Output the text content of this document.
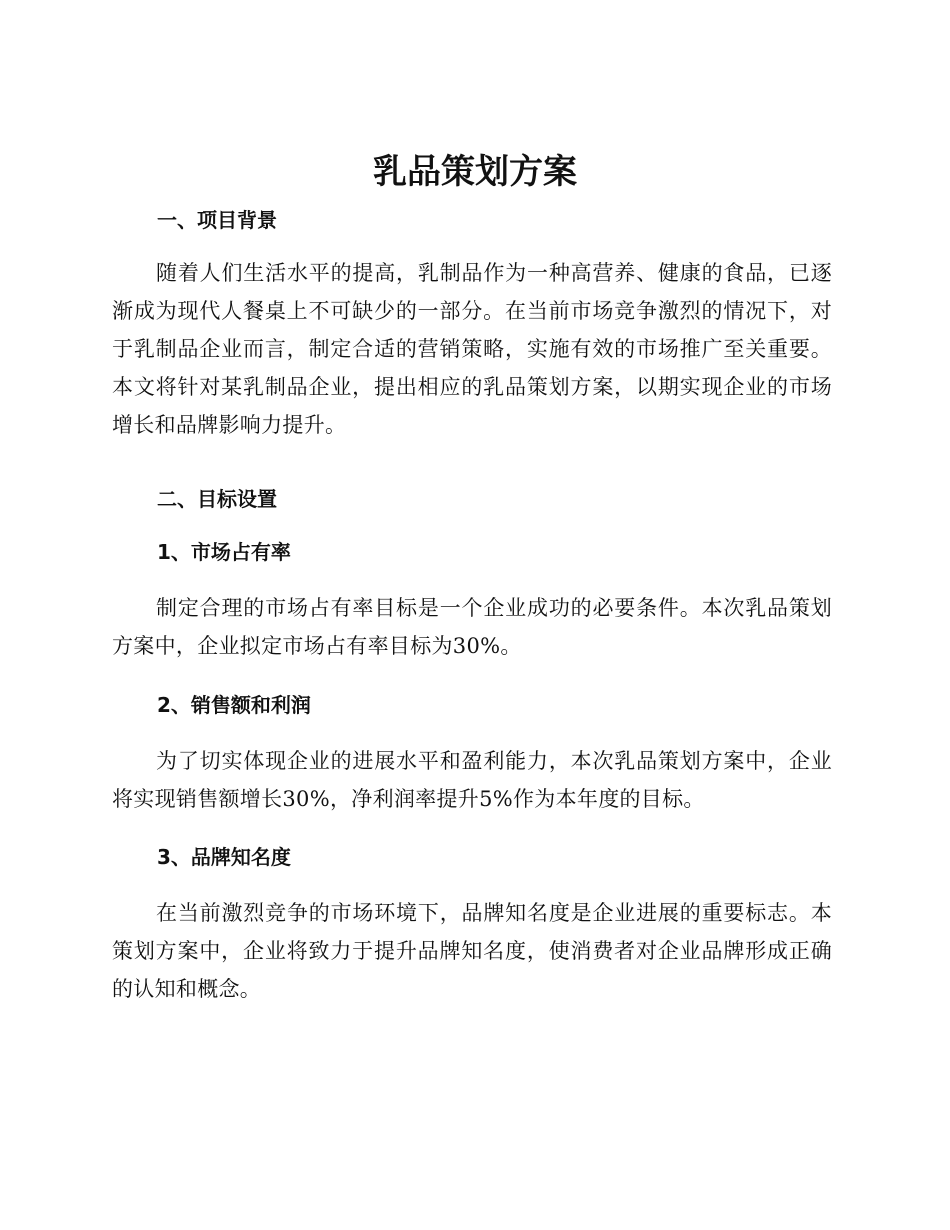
乳品策划方案
一、项目背景

随着人们生活水平的提高，乳制品作为一种高营养、健康的食品，已逐渐成为现代人餐桌上不可缺少的一部分。在当前市场竞争激烈的情况下，对于乳制品企业而言，制定合适的营销策略，实施有效的市场推广至关重要。本文将针对某乳制品企业，提出相应的乳品策划方案，以期实现企业的市场增长和品牌影响力提升。

二、目标设置
1、市场占有率

制定合理的市场占有率目标是一个企业成功的必要条件。本次乳品策划方案中，企业拟定市场占有率目标为30%。

2、销售额和利润

为了切实体现企业的进展水平和盈利能力，本次乳品策划方案中，企业将实现销售额增长30%，净利润率提升5%作为本年度的目标。

3、品牌知名度

在当前激烈竞争的市场环境下，品牌知名度是企业进展的重要标志。本策划方案中，企业将致力于提升品牌知名度，使消费者对企业品牌形成正确的认知和概念。
